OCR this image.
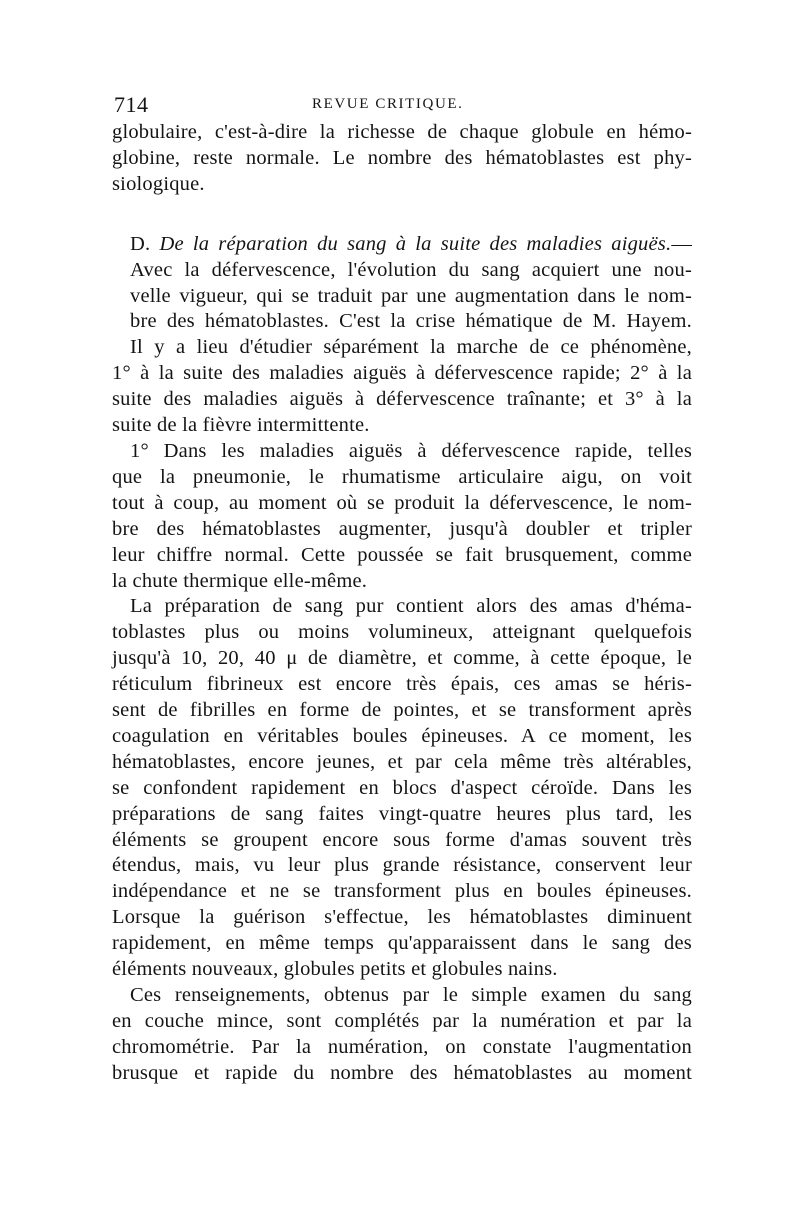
714	REVUE CRITIQUE.

globulaire, c'est-à-dire la richesse de chaque globule en hémo-
globine, reste normale. Le nombre des hématoblastes est phy-
siologique.

D. De la réparation du sang à la suite des maladies aiguës.—
Avec la défervescence, l'évolution du sang acquiert une nou-
velle vigueur, qui se traduit par une augmentation dans le nom-
bre des hématoblastes. C'est la crise hématique de M. Hayem.

Il y a lieu d'étudier séparément la marche de ce phénomène,
1° à la suite des maladies aiguës à défervescence rapide; 2° à la
suite des maladies aiguës à défervescence traînante; et 3° à la
suite de la fièvre intermittente.

1° Dans les maladies aiguës à défervescence rapide, telles
que la pneumonie, le rhumatisme articulaire aigu, on voit
tout à coup, au moment où se produit la défervescence, le nom-
bre des hématoblastes augmenter, jusqu'à doubler et tripler
leur chiffre normal. Cette poussée se fait brusquement, comme
la chute thermique elle-même.

La préparation de sang pur contient alors des amas d'héma-
toblastes plus ou moins volumineux, atteignant quelquefois
jusqu'à 10, 20, 40 μ de diamètre, et comme, à cette époque, le
réticulum fibrineux est encore très épais, ces amas se héris-
sent de fibrilles en forme de pointes, et se transforment après
coagulation en véritables boules épineuses. A ce moment, les
hématoblastes, encore jeunes, et par cela même très altérables,
se confondent rapidement en blocs d'aspect céroïde. Dans les
préparations de sang faites vingt-quatre heures plus tard, les
éléments se groupent encore sous forme d'amas souvent très
étendus, mais, vu leur plus grande résistance, conservent leur
indépendance et ne se transforment plus en boules épineuses.
Lorsque la guérison s'effectue, les hématoblastes diminuent
rapidement, en même temps qu'apparaissent dans le sang des
éléments nouveaux, globules petits et globules nains.

Ces renseignements, obtenus par le simple examen du sang
en couche mince, sont complétés par la numération et par la
chromométrie. Par la numération, on constate l'augmentation
brusque et rapide du nombre des hématoblastes au moment
